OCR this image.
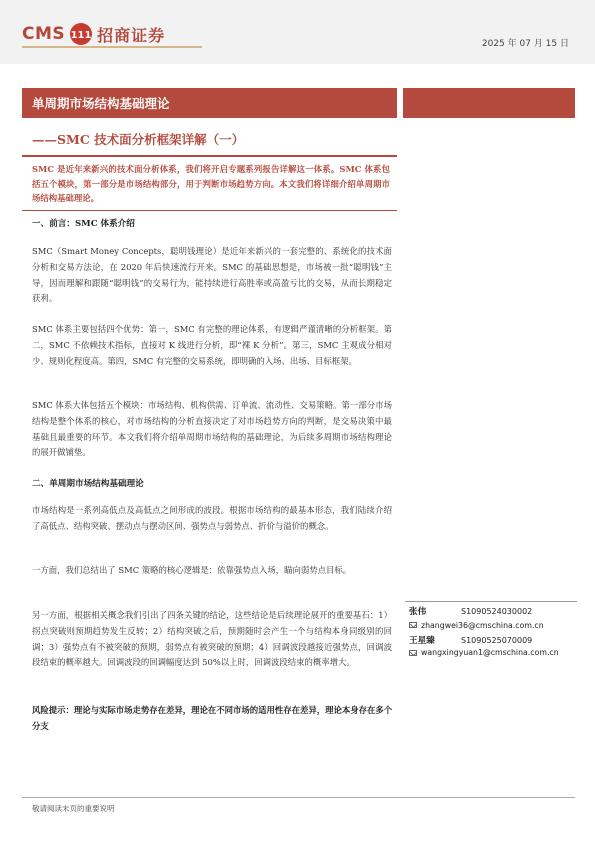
CMS 111 招商证券	2025 年 07 月 15 日
单周期市场结构基础理论
——SMC 技术面分析框架详解（一）
SMC 是近年来新兴的技术面分析体系，我们将开启专题系列报告详解这一体系。SMC 体系包括五个模块，第一部分是市场结构部分，用于判断市场趋势方向。本文我们将详细介绍单周期市场结构基础理论。
一、前言：SMC 体系介绍
SMC（Smart Money Concepts，聪明钱理论）是近年来新兴的一套完整的、系统化的技术面分析和交易方法论，在 2020 年后快速流行开来。SMC 的基础思想是，市场被一批“聪明钱”主导，因而理解和跟随“聪明钱”的交易行为，能持续进行高胜率或高盈亏比的交易，从而长期稳定获利。
SMC 体系主要包括四个优势：第一，SMC 有完整的理论体系，有逻辑严谨清晰的分析框架。第二，SMC 不依赖技术指标，直接对 K 线进行分析，即“裸 K 分析”。第三，SMC 主观成分相对少、规则化程度高。第四，SMC 有完整的交易系统，即明确的入场、出场、目标框架。
SMC 体系大体包括五个模块：市场结构、机构供需、订单流、流动性、交易策略。第一部分市场结构是整个体系的核心，对市场结构的分析直接决定了对市场趋势方向的判断，是交易决策中最基础且最重要的环节。本文我们将介绍单周期市场结构的基础理论，为后续多周期市场结构理论的展开做铺垫。
二、单周期市场结构基础理论
市场结构是一系列高低点及高低点之间形成的波段。根据市场结构的最基本形态，我们陆续介绍了高低点、结构突破、摆动点与摆动区间、强势点与弱势点、折价与溢价的概念。
一方面，我们总结出了 SMC 策略的核心逻辑是：依靠强势点入场，瞄向弱势点目标。
另一方面，根据相关概念我们引出了四条关键的结论，这些结论是后续理论展开的重要基石：1）拐点突破则预期趋势发生反转；2）结构突破之后，预期随时会产生一个与结构本身同级别的回调；3）强势点有不被突破的预期，弱势点有被突破的预期；4）回调波段越接近强势点，回调波段结束的概率越大。回调波段的回调幅度达到 50%以上时，回调波段结束的概率增大。
风险提示：理论与实际市场走势存在差异，理论在不同市场的适用性存在差异，理论本身存在多个分支
张伟	S1090524030002
zhangwei36@cmschina.com.cn
王星臻	S1090525070009
wangxingyuan1@cmschina.com.cn
敬请阅读末页的重要说明
